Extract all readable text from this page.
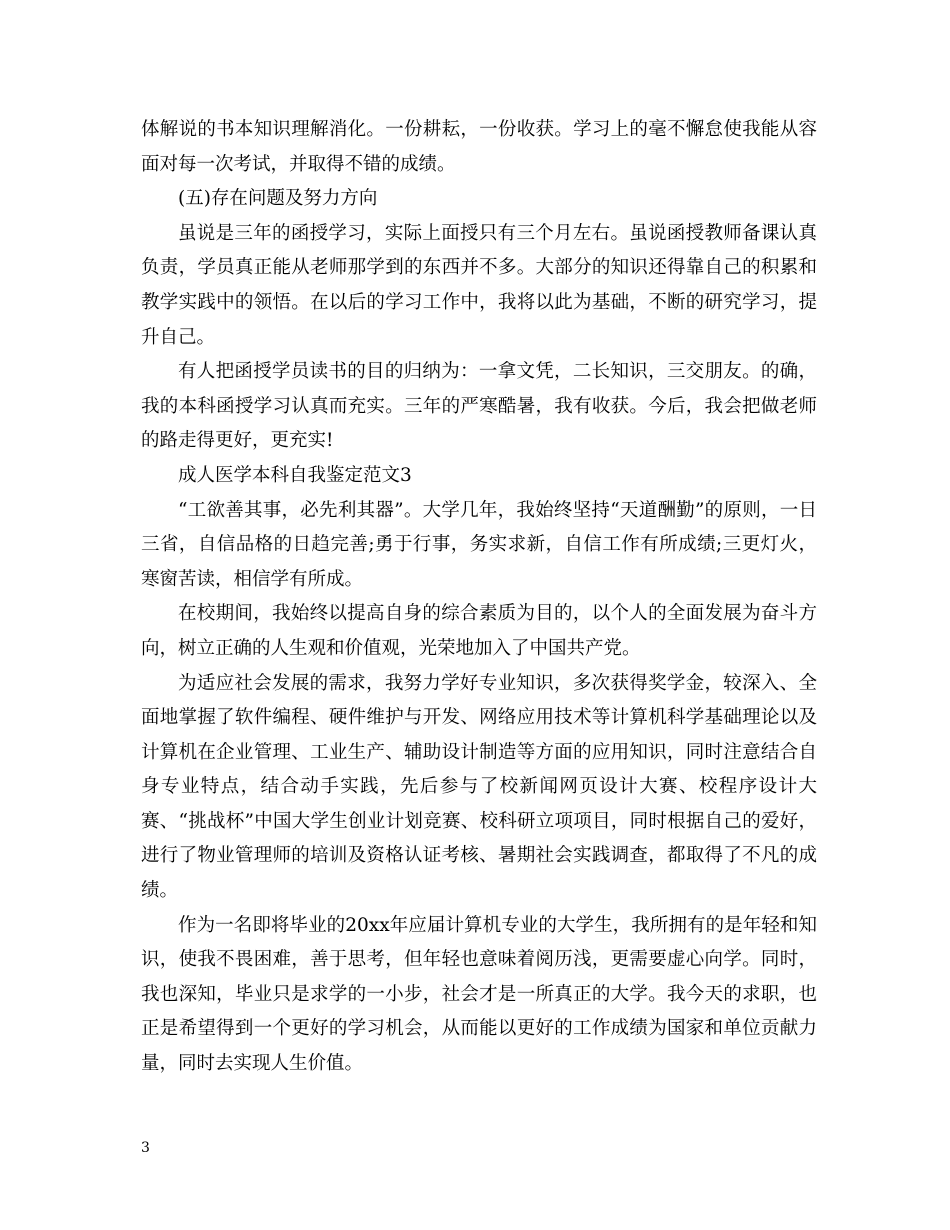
体解说的书本知识理解消化。一份耕耘，一份收获。学习上的毫不懈怠使我能从容面对每一次考试，并取得不错的成绩。

(五)存在问题及努力方向

虽说是三年的函授学习，实际上面授只有三个月左右。虽说函授教师备课认真负责，学员真正能从老师那学到的东西并不多。大部分的知识还得靠自己的积累和教学实践中的领悟。在以后的学习工作中，我将以此为基础，不断的研究学习，提升自己。

有人把函授学员读书的目的归纳为：一拿文凭，二长知识，三交朋友。的确，我的本科函授学习认真而充实。三年的严寒酷暑，我有收获。今后，我会把做老师的路走得更好，更充实!

成人医学本科自我鉴定范文3

“工欲善其事，必先利其器”。大学几年，我始终坚持“天道酬勤”的原则，一日三省，自信品格的日趋完善;勇于行事，务实求新，自信工作有所成绩;三更灯火，寒窗苦读，相信学有所成。

在校期间，我始终以提高自身的综合素质为目的，以个人的全面发展为奋斗方向，树立正确的人生观和价值观，光荣地加入了中国共产党。

为适应社会发展的需求，我努力学好专业知识，多次获得奖学金，较深入、全面地掌握了软件编程、硬件维护与开发、网络应用技术等计算机科学基础理论以及计算机在企业管理、工业生产、辅助设计制造等方面的应用知识，同时注意结合自身专业特点，结合动手实践，先后参与了校新闻网页设计大赛、校程序设计大赛、“挑战杯”中国大学生创业计划竞赛、校科研立项项目，同时根据自己的爱好，进行了物业管理师的培训及资格认证考核、暑期社会实践调查，都取得了不凡的成绩。

作为一名即将毕业的20xx年应届计算机专业的大学生，我所拥有的是年轻和知识，使我不畏困难，善于思考，但年轻也意味着阅历浅，更需要虚心向学。同时，我也深知，毕业只是求学的一小步，社会才是一所真正的大学。我今天的求职，也正是希望得到一个更好的学习机会，从而能以更好的工作成绩为国家和单位贡献力量，同时去实现人生价值。

3
